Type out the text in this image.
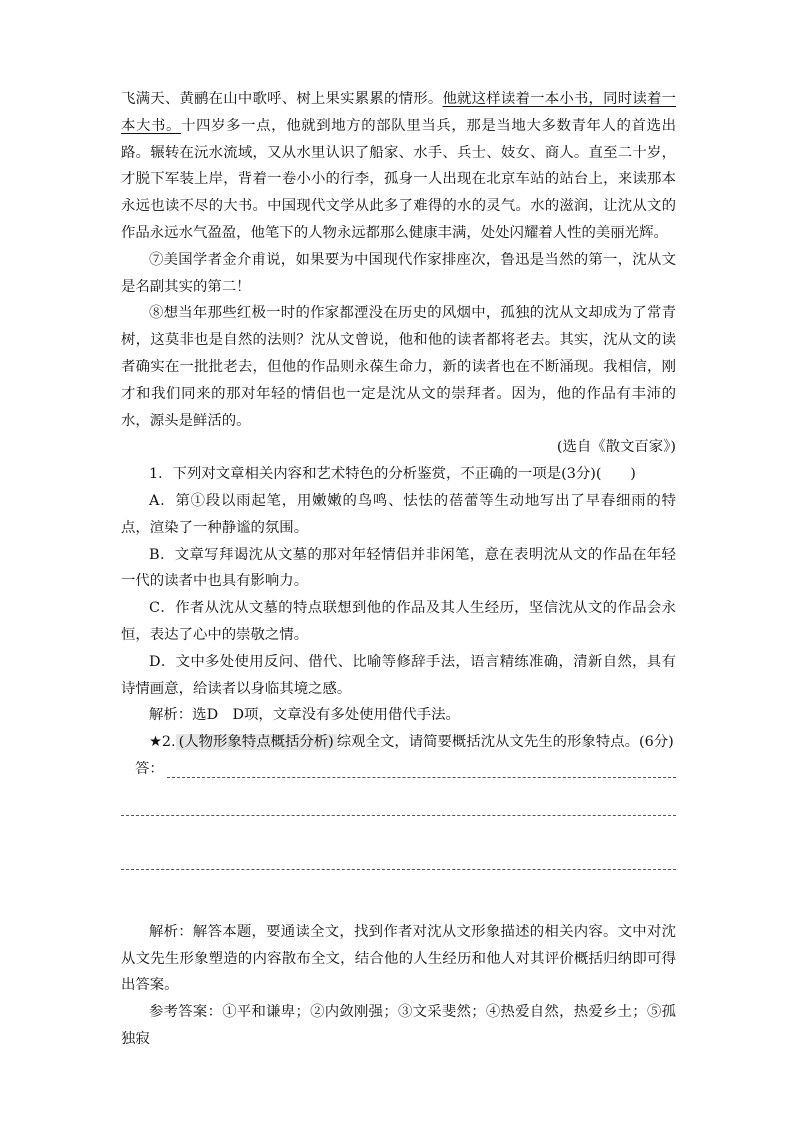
飞满天、黄鹂在山中歌呼、树上果实累累的情形。他就这样读着一本小书，同时读着一本大书。十四岁多一点，他就到地方的部队里当兵，那是当地大多数青年人的首选出路。辗转在沅水流域，又从水里认识了船家、水手、兵士、妓女、商人。直至二十岁，才脱下军装上岸，背着一卷小小的行李，孤身一人出现在北京车站的站台上，来读那本永远也读不尽的大书。中国现代文学从此多了难得的水的灵气。水的滋润，让沈从文的作品永远水气盈盈，他笔下的人物永远都那么健康丰满，处处闪耀着人性的美丽光辉。

⑦美国学者金介甫说，如果要为中国现代作家排座次，鲁迅是当然的第一，沈从文是名副其实的第二！

⑧想当年那些红极一时的作家都湮没在历史的风烟中，孤独的沈从文却成为了常青树，这莫非也是自然的法则？沈从文曾说，他和他的读者都将老去。其实，沈从文的读者确实在一批批老去，但他的作品则永葆生命力，新的读者也在不断涌现。我相信，刚才和我们同来的那对年轻的情侣也一定是沈从文的崇拜者。因为，他的作品有丰沛的水，源头是鲜活的。

(选自《散文百家》)

1．下列对文章相关内容和艺术特色的分析鉴赏，不正确的一项是(3分)(　　)

A．第①段以雨起笔，用嫩嫩的鸟鸣、怯怯的蓓蕾等生动地写出了早春细雨的特点，渲染了一种静谧的氛围。

B．文章写拜谒沈从文墓的那对年轻情侣并非闲笔，意在表明沈从文的作品在年轻一代的读者中也具有影响力。

C．作者从沈从文墓的特点联想到他的作品及其人生经历，坚信沈从文的作品会永恒，表达了心中的崇敬之情。

D．文中多处使用反问、借代、比喻等修辞手法，语言精练准确，清新自然，具有诗情画意，给读者以身临其境之感。

解析：选D　D项，文章没有多处使用借代手法。

★2. (人物形象特点概括分析) 综观全文，请简要概括沈从文先生的形象特点。(6分)

答：

解析：解答本题，要通读全文，找到作者对沈从文形象描述的相关内容。文中对沈从文先生形象塑造的内容散布全文，结合他的人生经历和他人对其评价概括归纳即可得出答案。

参考答案：①平和谦卑；②内敛刚强；③文采斐然；④热爱自然，热爱乡土；⑤孤独寂
